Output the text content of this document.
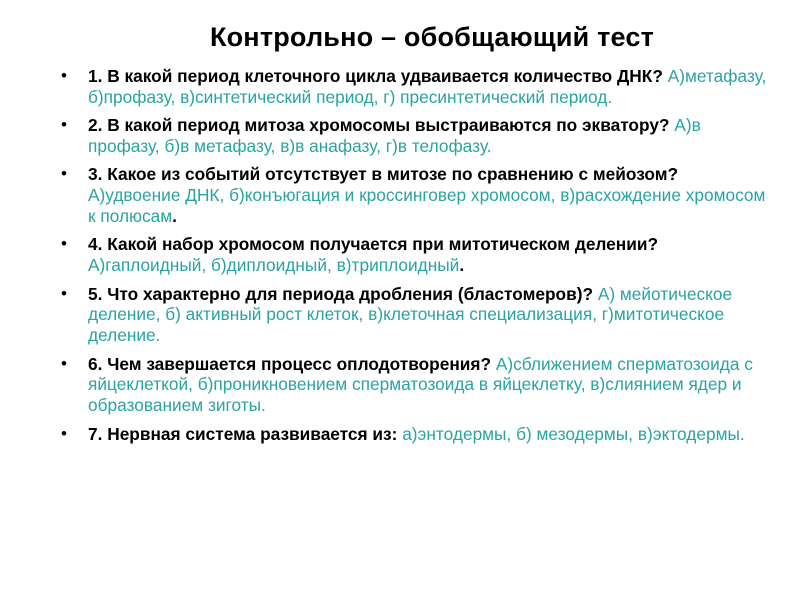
Контрольно – обобщающий тест
• 1. В какой период клеточного цикла удваивается количество ДНК? А)метафазу, б)профазу, в)синтетический период, г) пресинтетический период.
• 2. В какой период митоза хромосомы выстраиваются по экватору? А)в профазу, б)в метафазу, в)в анафазу, г)в телофазу.
• 3. Какое из событий отсутствует в митозе по сравнению с мейозом? А)удвоение ДНК, б)конъюгация и кроссинговер хромосом, в)расхождение хромосом к полюсам.
• 4. Какой набор хромосом получается при митотическом делении? А)гаплоидный, б)диплоидный, в)триплоидный.
• 5. Что характерно для периода дробления (бластомеров)? А) мейотическое деление, б) активный рост клеток, в)клеточная специализация, г)митотическое деление.
• 6. Чем завершается процесс оплодотворения? А)сближением сперматозоида с яйцеклеткой, б)проникновением сперматозоида в яйцеклетку, в)слиянием ядер и образованием зиготы.
• 7. Нервная система развивается из: а)энтодермы, б) мезодермы, в)эктодермы.
